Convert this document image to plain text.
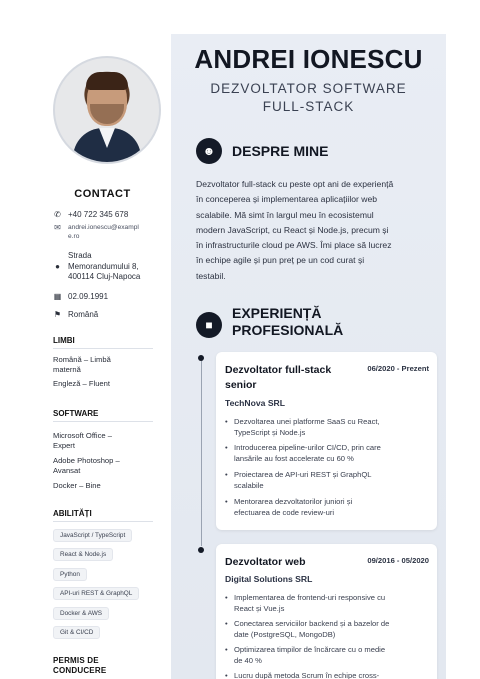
CONTACT
✆ +40 722 345 678
✉ andrei.ionescu@exampl
e.ro
●
Strada
Memorandumului 8,
400114 Cluj-Napoca
▦ 02.09.1991
⚑ Română
LIMBI
Română – Limbă
maternă
Engleză – Fluent
SOFTWARE
Microsoft Office –
Expert
Adobe Photoshop –
Avansat
Docker – Bine
ABILITĂȚI
JavaScript / TypeScript
React & Node.js
Python
API-uri REST & GraphQL
Docker & AWS
Git & CI/CD
PERMIS DE
CONDUCERE
ANDREI IONESCU
DEZVOLTATOR SOFTWARE
FULL-STACK
☻	DESPRE MINE
Dezvoltator full-stack cu peste opt ani de experiență
în conceperea și implementarea aplicațiilor web
scalabile. Mă simt în largul meu în ecosistemul
modern JavaScript, cu React și Node.js, precum și
în infrastructurile cloud pe AWS. Îmi place să lucrez
în echipe agile și pun preț pe un cod curat și
testabil.
■
EXPERIENȚĂ
PROFESIONALĂ
Dezvoltator full-stack
senior
06/2020 - Prezent
TechNova SRL
• Dezvoltarea unei platforme SaaS cu React,
TypeScript și Node.js
• Introducerea pipeline-urilor CI/CD, prin care
lansările au fost accelerate cu 60 %
• Proiectarea de API-uri REST și GraphQL
scalabile
• Mentorarea dezvoltatorilor juniori și
efectuarea de code review-uri
Dezvoltator web	09/2016 - 05/2020
Digital Solutions SRL
• Implementarea de frontend-uri responsive cu
React și Vue.js
• Conectarea serviciilor backend și a bazelor de
date (PostgreSQL, MongoDB)
• Optimizarea timpilor de încărcare cu o medie
de 40 %
• Lucru după metoda Scrum în echipe cross-
